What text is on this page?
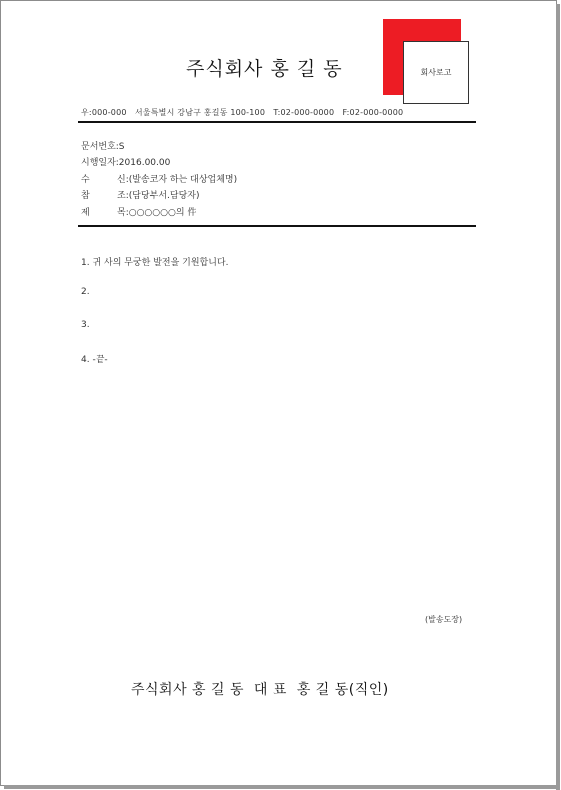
회사로고
주식회사 홍 길 동
우:000-000   서울특별시 강남구 홍길동 100-100   T:02-000-0000   F:02-000-0000
문서번호:S
시행일자:2016.00.00
수	신:(발송코자 하는 대상업체명)
참	조:(담당부서.담당자)
제	목:○○○○○○의 件
1. 귀 사의 무궁한 발전을 기원합니다.
2.
3.
4. -끝-
(발송도장)
주식회사 홍 길 동  대 표  홍 길 동(직인)
